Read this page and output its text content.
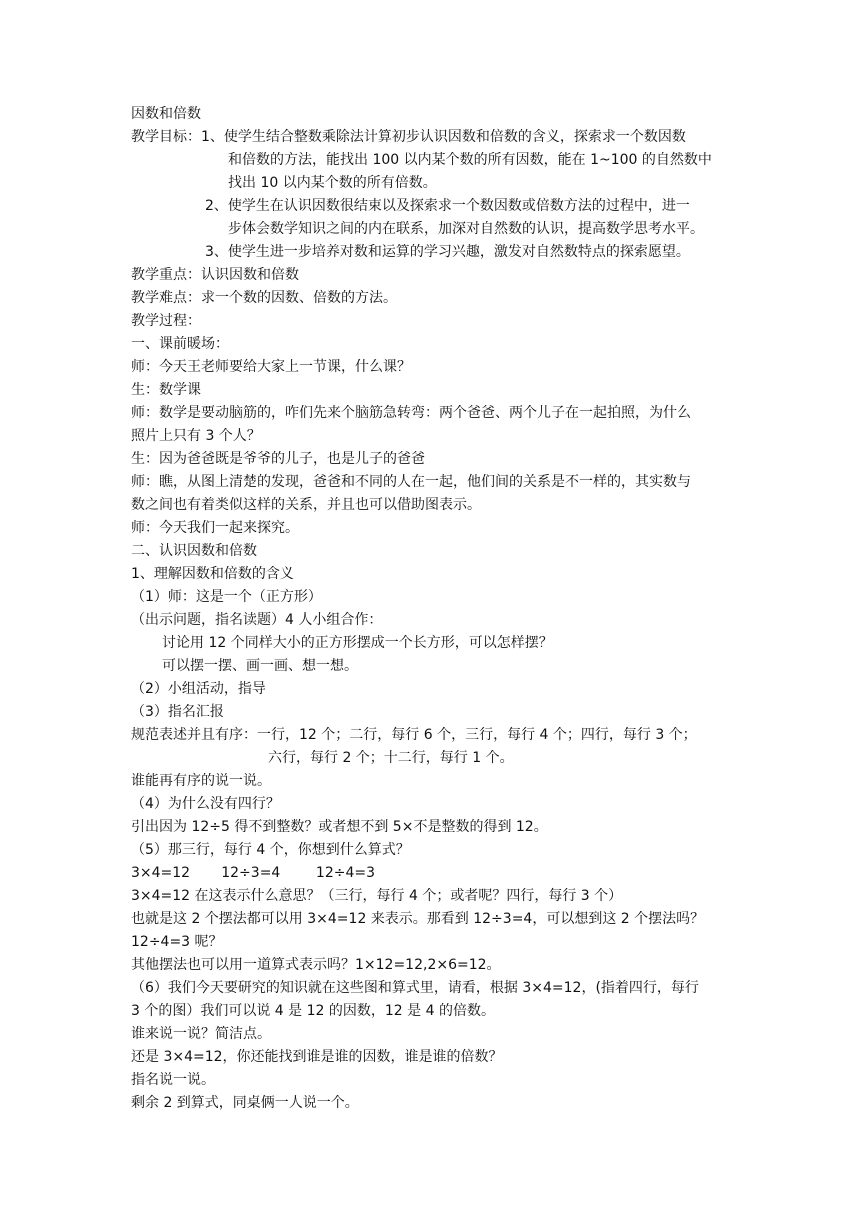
因数和倍数
教学目标：1、使学生结合整数乘除法计算初步认识因数和倍数的含义，探索求一个数因数
和倍数的方法，能找出 100 以内某个数的所有因数，能在 1~100 的自然数中
找出 10 以内某个数的所有倍数。
2、使学生在认识因数很结束以及探索求一个数因数或倍数方法的过程中，进一
步体会数学知识之间的内在联系，加深对自然数的认识，提高数学思考水平。
3、使学生进一步培养对数和运算的学习兴趣，激发对自然数特点的探索愿望。
教学重点：认识因数和倍数
教学难点：求一个数的因数、倍数的方法。
教学过程：
一、课前暖场：
师：今天王老师要给大家上一节课，什么课？
生：数学课
师：数学是要动脑筋的，咋们先来个脑筋急转弯：两个爸爸、两个儿子在一起拍照，为什么
照片上只有 3 个人？
生：因为爸爸既是爷爷的儿子，也是儿子的爸爸
师：瞧，从图上清楚的发现，爸爸和不同的人在一起，他们间的关系是不一样的，其实数与
数之间也有着类似这样的关系，并且也可以借助图表示。
师：今天我们一起来探究。
二、认识因数和倍数
1、理解因数和倍数的含义
（1）师：这是一个（正方形）
（出示问题，指名读题）4 人小组合作：
讨论用 12 个同样大小的正方形摆成一个长方形，可以怎样摆？
可以摆一摆、画一画、想一想。
（2）小组活动，指导
（3）指名汇报
规范表述并且有序：一行，12 个；二行，每行 6 个，三行，每行 4 个；四行，每行 3 个；
六行，每行 2 个；十二行，每行 1 个。
谁能再有序的说一说。
（4）为什么没有四行？
引出因为 12÷5 得不到整数？或者想不到 5×不是整数的得到 12。
（5）那三行，每行 4 个，你想到什么算式？
3×4=12       12÷3=4        12÷4=3
3×4=12 在这表示什么意思？（三行，每行 4 个；或者呢？四行，每行 3 个）
也就是这 2 个摆法都可以用 3×4=12 来表示。那看到 12÷3=4，可以想到这 2 个摆法吗？
12÷4=3 呢？
其他摆法也可以用一道算式表示吗？1×12=12,2×6=12。
（6）我们今天要研究的知识就在这些图和算式里，请看，根据 3×4=12，(指着四行，每行
3 个的图）我们可以说 4 是 12 的因数，12 是 4 的倍数。
谁来说一说？简洁点。
还是 3×4=12，你还能找到谁是谁的因数，谁是谁的倍数？
指名说一说。
剩余 2 到算式，同桌俩一人说一个。
